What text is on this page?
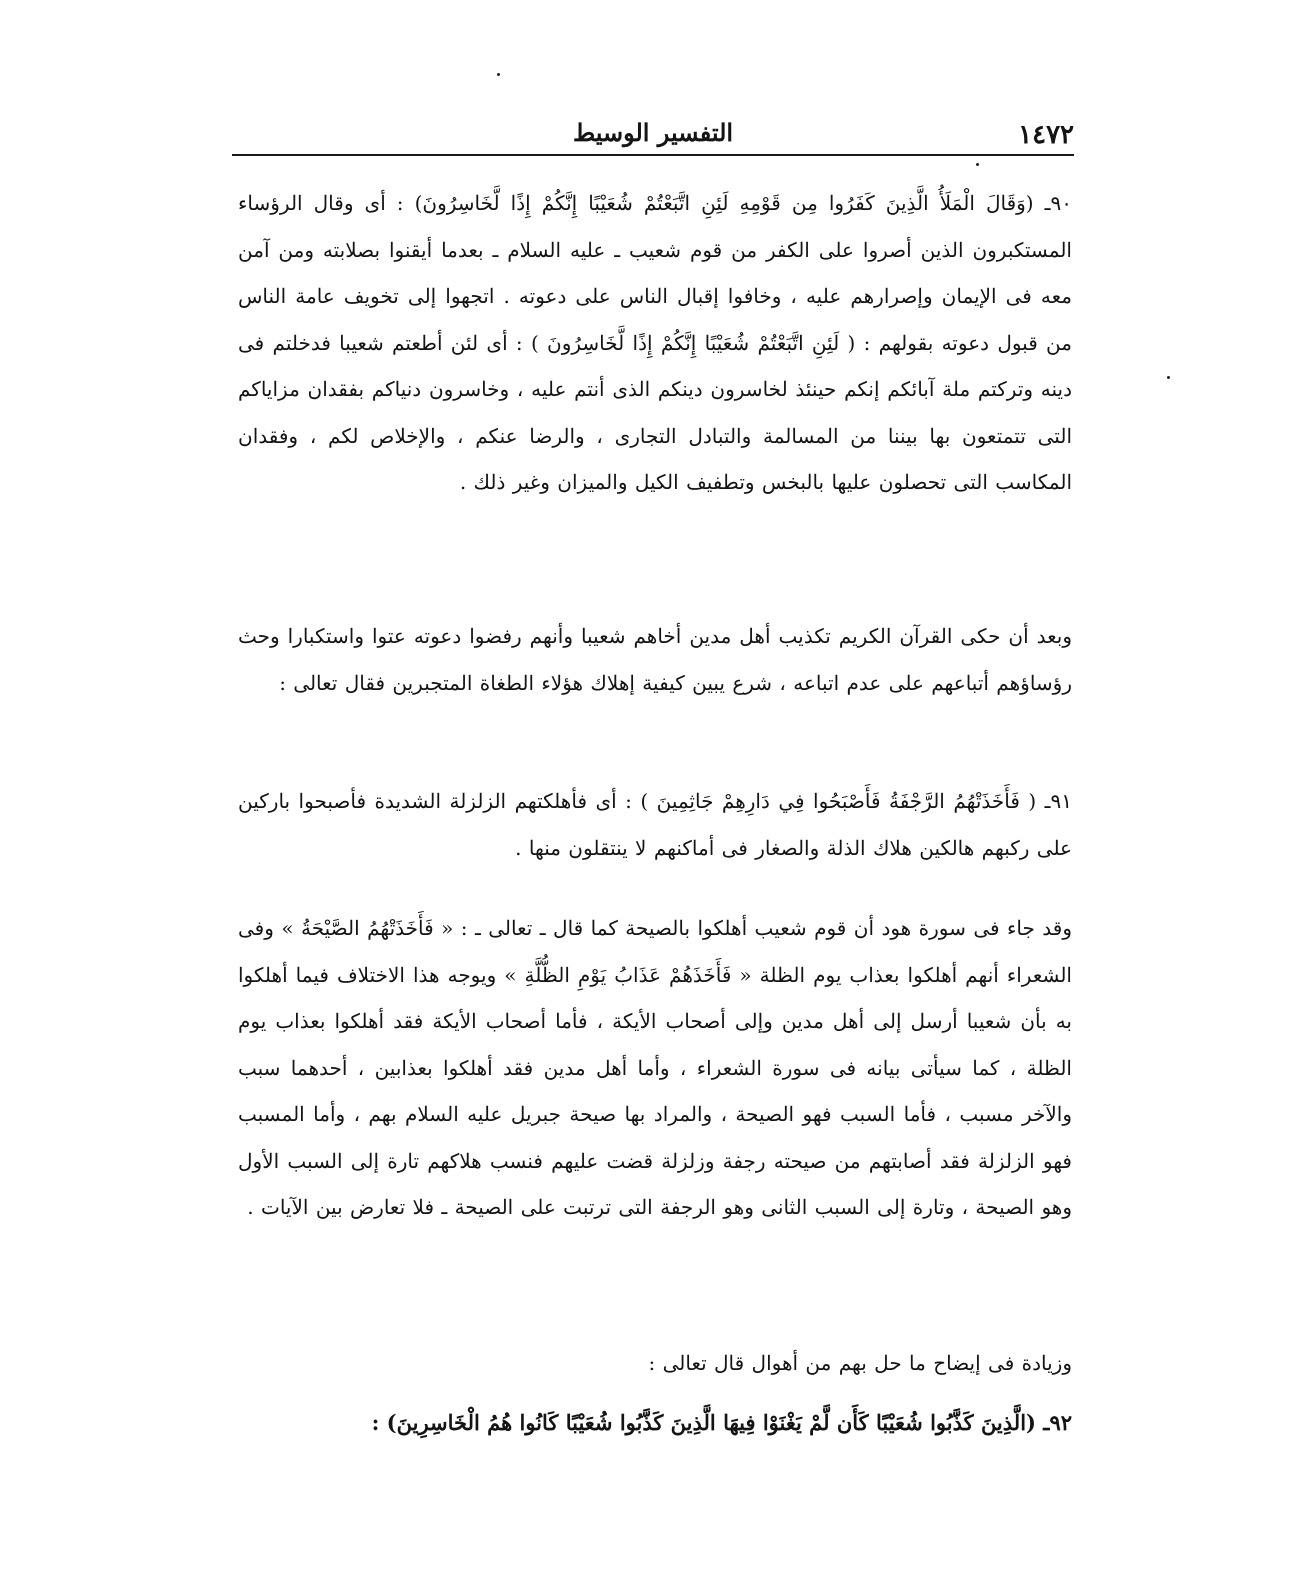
١٤٧٢
التفسير الوسيط
٩٠ـ (وَقَالَ الْمَلَأُ الَّذِينَ كَفَرُوا مِن قَوْمِهِ لَئِنِ اتَّبَعْتُمْ شُعَيْبًا إِنَّكُمْ إِذًا لَّخَاسِرُونَ) : أى وقال الرؤساء المستكبرون الذين أصروا على الكفر من قوم شعيب ـ عليه السلام ـ بعدما أيقنوا بصلابته ومن آمن معه فى الإيمان وإصرارهم عليه ، وخافوا إقبال الناس على دعوته . اتجهوا إلى تخويف عامة الناس من قبول دعوته بقولهم : ( لَئِنِ اتَّبَعْتُمْ شُعَيْبًا إِنَّكُمْ إِذًا لَّخَاسِرُونَ ) : أى لئن أطعتم شعيبا فدخلتم فى دينه وتركتم ملة آبائكم إنكم حينئذ لخاسرون دينكم الذى أنتم عليه ، وخاسرون دنياكم بفقدان مزاياكم التى تتمتعون بها بيننا من المسالمة والتبادل التجارى ، والرضا عنكم ، والإخلاص لكم ، وفقدان المكاسب التى تحصلون عليها بالبخس وتطفيف الكيل والميزان وغير ذلك .
وبعد أن حكى القرآن الكريم تكذيب أهل مدين أخاهم شعيبا وأنهم رفضوا دعوته عتوا واستكبارا وحث رؤساؤهم أتباعهم على عدم اتباعه ، شرع يبين كيفية إهلاك هؤلاء الطغاة المتجبرين فقال تعالى :
٩١ـ ( فَأَخَذَتْهُمُ الرَّجْفَةُ فَأَصْبَحُوا فِي دَارِهِمْ جَاثِمِينَ ) : أى فأهلكتهم الزلزلة الشديدة فأصبحوا باركين على ركبهم هالكين هلاك الذلة والصغار فى أماكنهم لا ينتقلون منها .
وقد جاء فى سورة هود أن قوم شعيب أهلكوا بالصيحة كما قال ـ تعالى ـ : « فَأَخَذَتْهُمُ الصَّيْحَةُ » وفى الشعراء أنهم أهلكوا بعذاب يوم الظلة « فَأَخَذَهُمْ عَذَابُ يَوْمِ الظُّلَّةِ » ويوجه هذا الاختلاف فيما أهلكوا به بأن شعيبا أرسل إلى أهل مدين وإلى أصحاب الأيكة ، فأما أصحاب الأيكة فقد أهلكوا بعذاب يوم الظلة ، كما سيأتى بيانه فى سورة الشعراء ، وأما أهل مدين فقد أهلكوا بعذابين ، أحدهما سبب والآخر مسبب ، فأما السبب فهو الصيحة ، والمراد بها صيحة جبريل عليه السلام بهم ، وأما المسبب فهو الزلزلة فقد أصابتهم من صيحته رجفة وزلزلة قضت عليهم فنسب هلاكهم تارة إلى السبب الأول وهو الصيحة ، وتارة إلى السبب الثانى وهو الرجفة التى ترتبت على الصيحة ـ فلا تعارض بين الآيات .
وزيادة فى إيضاح ما حل بهم من أهوال قال تعالى :
٩٢ـ (الَّذِينَ كَذَّبُوا شُعَيْبًا كَأَن لَّمْ يَغْنَوْا فِيهَا الَّذِينَ كَذَّبُوا شُعَيْبًا كَانُوا هُمُ الْخَاسِرِينَ) :
